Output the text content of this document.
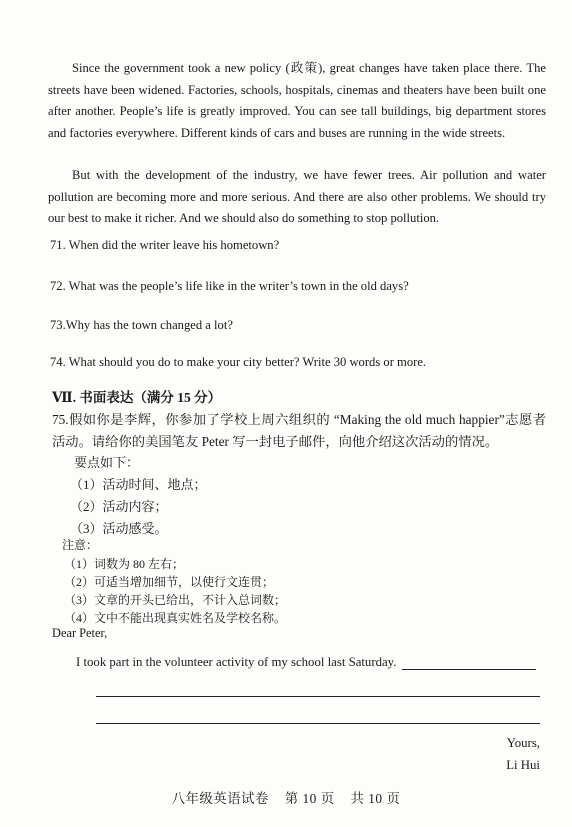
Since the government took a new policy (政策), great changes have taken place there. The streets have been widened. Factories, schools, hospitals, cinemas and theaters have been built one after another. People’s life is greatly improved. You can see tall buildings, big department stores and factories everywhere. Different kinds of cars and buses are running in the wide streets.

But with the development of the industry, we have fewer trees. Air pollution and water pollution are becoming more and more serious. And there are also other problems. We should try our best to make it richer. And we should also do something to stop pollution.

71. When did the writer leave his hometown?

72. What was the people’s life like in the writer’s town in the old days?

73.Why has the town changed a lot?

74. What should you do to make your city better? Write 30 words or more.

Ⅶ. 书面表达（满分 15 分）

75.假如你是李辉，你参加了学校上周六组织的 “Making the old much happier”志愿者活动。请给你的美国笔友 Peter 写一封电子邮件，向他介绍这次活动的情况。

要点如下：

（1）活动时间、地点；

（2）活动内容；

（3）活动感受。

注意：

（1）词数为 80 左右；

（2）可适当增加细节，以使行文连贯；

（3）文章的开头已给出，不计入总词数；

（4）文中不能出现真实姓名及学校名称。

Dear Peter,

I took part in the volunteer activity of my school last Saturday.

Yours,

Li Hui

八年级英语试卷 第 10 页 共 10 页
